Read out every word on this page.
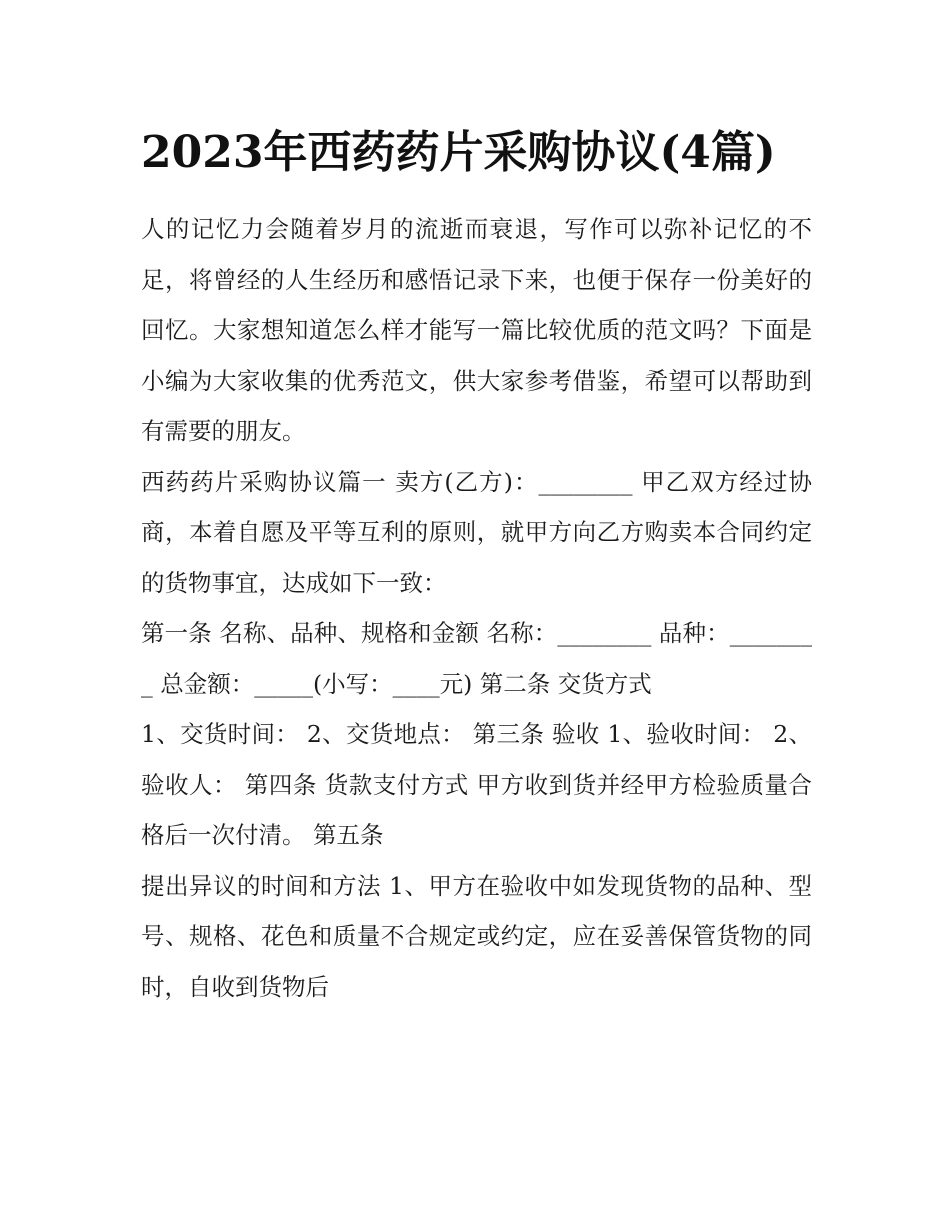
2023年西药药片采购协议(4篇)

人的记忆力会随着岁月的流逝而衰退，写作可以弥补记忆的不足，将曾经的人生经历和感悟记录下来，也便于保存一份美好的回忆。大家想知道怎么样才能写一篇比较优质的范文吗？下面是小编为大家收集的优秀范文，供大家参考借鉴，希望可以帮助到有需要的朋友。

西药药片采购协议篇一 卖方(乙方)：________ 甲乙双方经过协商，本着自愿及平等互利的原则，就甲方向乙方购卖本合同约定的货物事宜，达成如下一致：

第一条 名称、品种、规格和金额 名称：________ 品种：________ 总金额：_____(小写：____元) 第二条 交货方式

1、交货时间： 2、交货地点： 第三条 验收 1、验收时间： 2、验收人： 第四条 货款支付方式 甲方收到货并经甲方检验质量合格后一次付清。 第五条

提出异议的时间和方法 1、甲方在验收中如发现货物的品种、型号、规格、花色和质量不合规定或约定，应在妥善保管货物的同时，自收到货物后
